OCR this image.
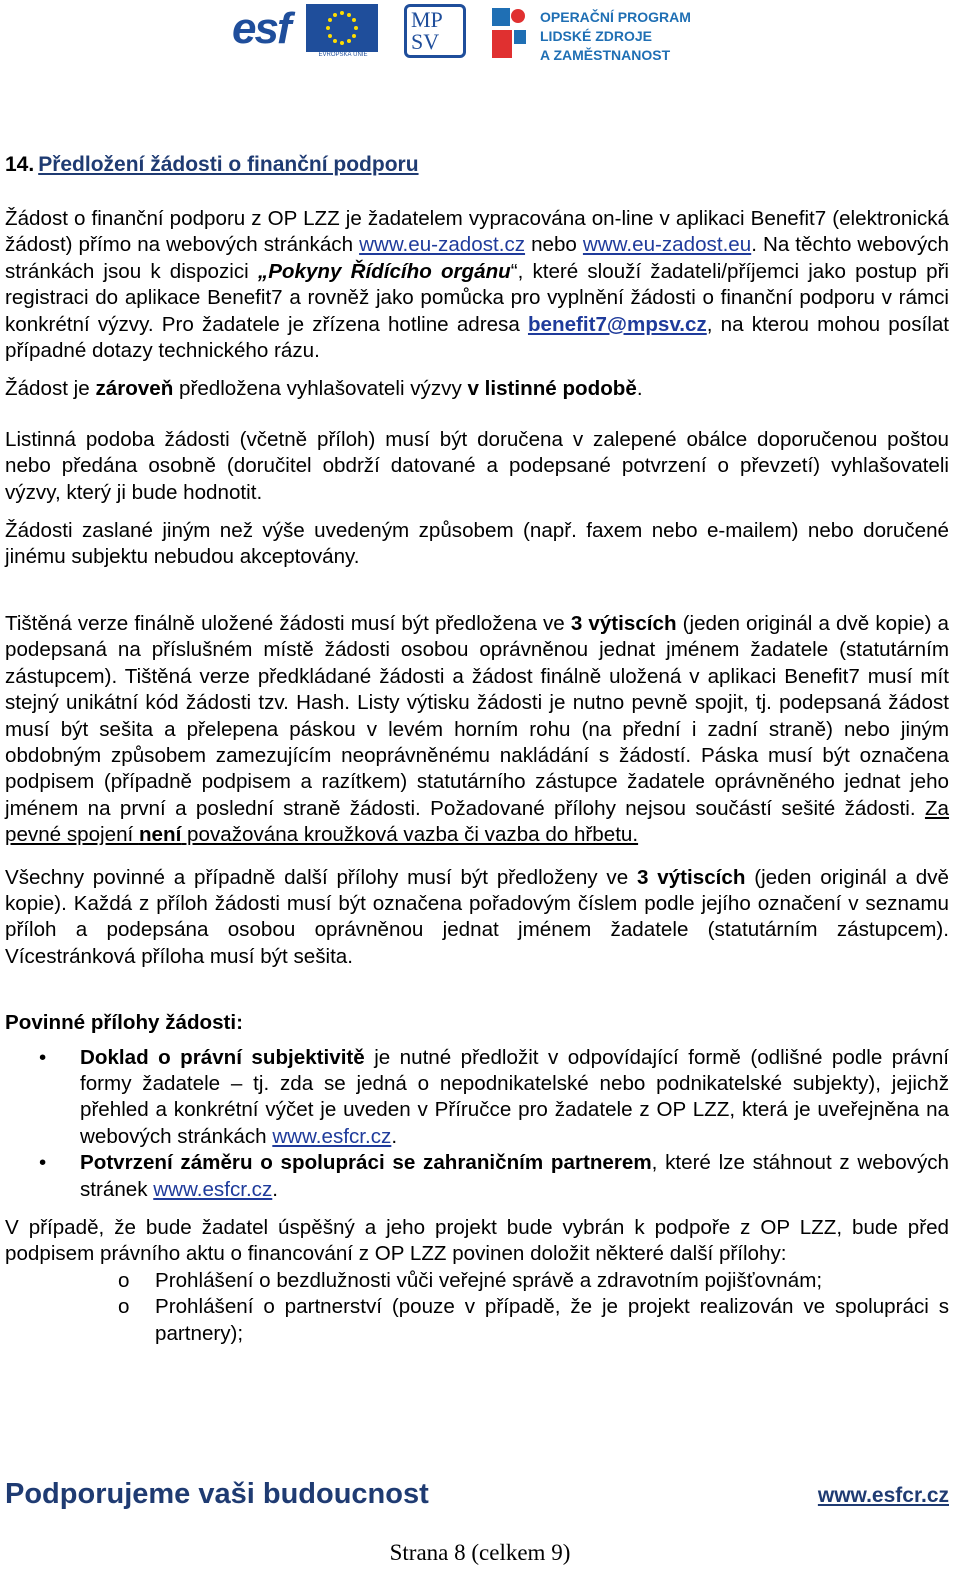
esf
EVROPSKÁ UNIE
MP
SV
OPERAČNÍ PROGRAM
LIDSKÉ ZDROJE
A ZAMĚSTNANOST
14. Předložení žádosti o finanční podporu

Žádost o finanční podporu z OP LZZ je žadatelem vypracována on-line v aplikaci Benefit7 (elektronická žádost) přímo na webových stránkách www.eu-zadost.cz nebo www.eu-zadost.eu. Na těchto webových stránkách jsou k dispozici „Pokyny Řídícího orgánu“, které slouží žadateli/příjemci jako postup při registraci do aplikace Benefit7 a rovněž jako pomůcka pro vyplnění žádosti o finanční podporu v rámci konkrétní výzvy. Pro žadatele je zřízena hotline adresa benefit7@mpsv.cz, na kterou mohou posílat případné dotazy technického rázu.

Žádost je zároveň předložena vyhlašovateli výzvy v listinné podobě.

Listinná podoba žádosti (včetně příloh) musí být doručena v zalepené obálce doporučenou poštou nebo předána osobně (doručitel obdrží datované a podepsané potvrzení o převzetí) vyhlašovateli výzvy, který ji bude hodnotit.

Žádosti zaslané jiným než výše uvedeným způsobem (např. faxem nebo e-mailem) nebo doručené jinému subjektu nebudou akceptovány.

Tištěná verze finálně uložené žádosti musí být předložena ve 3 výtiscích (jeden originál a dvě kopie) a podepsaná na příslušném místě žádosti osobou oprávněnou jednat jménem žadatele (statutárním zástupcem). Tištěná verze předkládané žádosti a žádost finálně uložená v aplikaci Benefit7 musí mít stejný unikátní kód žádosti tzv. Hash. Listy výtisku žádosti je nutno pevně spojit, tj. podepsaná žádost musí být sešita a přelepena páskou v levém horním rohu (na přední i zadní straně) nebo jiným obdobným způsobem zamezujícím neoprávněnému nakládání s žádostí. Páska musí být označena podpisem (případně podpisem a razítkem) statutárního zástupce žadatele oprávněného jednat jeho jménem na první a poslední straně žádosti. Požadované přílohy nejsou součástí sešité žádosti. Za pevné spojení není považována kroužková vazba či vazba do hřbetu.

Všechny povinné a případně další přílohy musí být předloženy ve 3 výtiscích (jeden originál a dvě kopie). Každá z příloh žádosti musí být označena pořadovým číslem podle jejího označení v seznamu příloh a podepsána osobou oprávněnou jednat jménem žadatele (statutárním zástupcem). Vícestránková příloha musí být sešita.

Povinné přílohy žádosti:

• Doklad o právní subjektivitě je nutné předložit v odpovídající formě (odlišné podle právní formy žadatele – tj. zda se jedná o nepodnikatelské nebo podnikatelské subjekty), jejichž přehled a konkrétní výčet je uveden v Příručce pro žadatele z OP LZZ, která je uveřejněna na webových stránkách www.esfcr.cz.
• Potvrzení záměru o spolupráci se zahraničním partnerem, které lze stáhnout z webových stránek www.esfcr.cz.

V případě, že bude žadatel úspěšný a jeho projekt bude vybrán k podpoře z OP LZZ, bude před podpisem právního aktu o financování z OP LZZ povinen doložit některé další přílohy:

o Prohlášení o bezdlužnosti vůči veřejné správě a zdravotním pojišťovnám;
o Prohlášení o partnerství (pouze v případě, že je projekt realizován ve spolupráci s partnery);
Podporujeme vaši budoucnost	www.esfcr.cz
Strana 8 (celkem 9)
